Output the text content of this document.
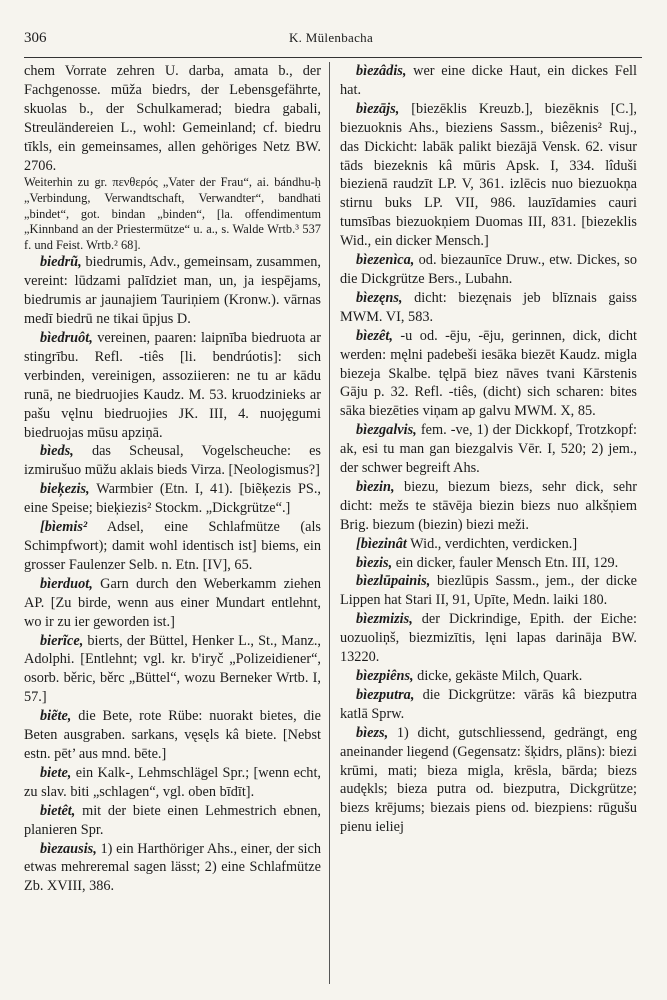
306	K. Mülenbacha

chem Vorrate zehren U. darba, amata b., der Fachgenosse. mūža biedrs, der Lebensgefährte, skuolas b., der Schulkamerad; biedra gabali, Streuländereien L., wohl: Gemeinland; cf. biedru tīkls, ein gemeinsames, allen gehöriges Netz BW. 2706.

Weiterhin zu gr. πενθερός „Vater der Frau“, ai. bándhu-ḥ „Verbindung, Verwandtschaft, Verwandter“, bandhati „bindet“, got. bindan „binden“, [la. offendimentum „Kinnband an der Priestermütze“ u. a., s. Walde Wrtb.³ 537 f. und Feist. Wrtb.² 68].

biedrũ, biedrumis, Adv., gemeinsam, zusammen, vereint: lūdzami palīdziet man, un, ja iespējams, biedrumis ar jaunajiem Tauriņiem (Kronw.). vārnas medī biedrū ne tikai ūpjus D.

bìedruôt, vereinen, paaren: laipnība biedruota ar stingrību. Refl. -tiês [li. bendrúotis]: sich verbinden, vereinigen, assoziieren: ne tu ar kādu runā, ne biedruojies Kaudz. M. 53. kruodzinieks ar pašu vęlnu biedruojies JK. III, 4. nuojęgumi biedruojas mūsu apziņā.

bìeds, das Scheusal, Vogelscheuche: es izmirušuo mūžu aklais bieds Virza. [Neologismus?]

bieķezis, Warmbier (Etn. I, 41). [biẽķezis PS., eine Speise; bieķiezis² Stockm. „Dickgrütze“.]

[bìemis² Adsel, eine Schlafmütze (als Schimpfwort); damit wohl identisch ist] biems, ein grosser Faulenzer Selb. n. Etn. [IV], 65.

bìerduot, Garn durch den Weberkamm ziehen AP. [Zu birde, wenn aus einer Mundart entlehnt, wo ir zu ier geworden ist.]

bierĩce, bierts, der Büttel, Henker L., St., Manz., Adolphi. [Entlehnt; vgl. kr. b'iryč „Polizeidiener“, osorb. běric, běrc „Büttel“, wozu Berneker Wrtb. I, 57.]

biẽte, die Bete, rote Rübe: nuorakt bietes, die Beten ausgraben. sarkans, vęsęls kâ biete. [Nebst estn. pēt’ aus mnd. bēte.]

biete, ein Kalk-, Lehmschlägel Spr.; [wenn echt, zu slav. biti „schlagen“, vgl. oben bīdīt].

bietêt, mit der biete einen Lehmestrich ebnen, planieren Spr.

bìezausis, 1) ein Harthöriger Ahs., einer, der sich etwas mehreremal sagen lässt; 2) eine Schlafmütze Zb. XVIII, 386.

bìezâdis, wer eine dicke Haut, ein dickes Fell hat.

bìezājs, [biezēklis Kreuzb.], biezēknis [C.], biezuoknis Ahs., bieziens Sassm., biêzenis² Ruj., das Dickicht: labāk palikt biezājā Vensk. 62. visur tāds biezeknis kâ mūris Apsk. I, 334. lîduši biezienā raudzīt LP. V, 361. izlēcis nuo biezuokņa stirnu buks LP. VII, 986. lauzīdamies cauri tumsības biezuokņiem Duomas III, 831. [biezeklis Wid., ein dicker Mensch.]

bìezenìca, od. biezaunīce Druw., etw. Dickes, so die Dickgrütze Bers., Lubahn.

bìezęns, dicht: biezęnais jeb blīznais gaiss MWM. VI, 583.

bìezêt, -u od. -ēju, -ēju, gerinnen, dick, dicht werden: męlni padebeši iesāka biezēt Kaudz. migla biezeja Skalbe. tęlpā biez nāves tvani Kārstenis Gāju p. 32. Refl. -tiês, (dicht) sich scharen: bites sāka biezēties viņam ap galvu MWM. X, 85.

bìezgalvis, fem. -ve, 1) der Dickkopf, Trotzkopf: ak, esi tu man gan biezgalvis Vēr. I, 520; 2) jem., der schwer begreift Ahs.

bìezin, biezu, biezum biezs, sehr dick, sehr dicht: mežs te stāvēja biezin biezs nuo alkšņiem Brig. biezum (biezin) biezi meži.

[bìezinât Wid., verdichten, verdicken.]

bìezis, ein dicker, fauler Mensch Etn. III, 129.

bìezlūpainis, biezlūpis Sassm., jem., der dicke Lippen hat Stari II, 91, Upīte, Medn. laiki 180.

bìezmizis, der Dickrindige, Epith. der Eiche: uozuoliņš, biezmizītis, lęni lapas darināja BW. 13220.

bìezpiêns, dicke, gekäste Milch, Quark.

bìezputra, die Dickgrütze: vārās kâ biezputra katlā Sprw.

bìezs, 1) dicht, gutschliessend, gedrängt, eng aneinander liegend (Gegensatz: šķidrs, plāns): biezi krūmi, mati; bieza migla, krēsla, bārda; biezs audękls; bieza putra od. biezputra, Dickgrütze; biezs krējums; biezais piens od. biezpiens: rūgušu pienu ieliej
